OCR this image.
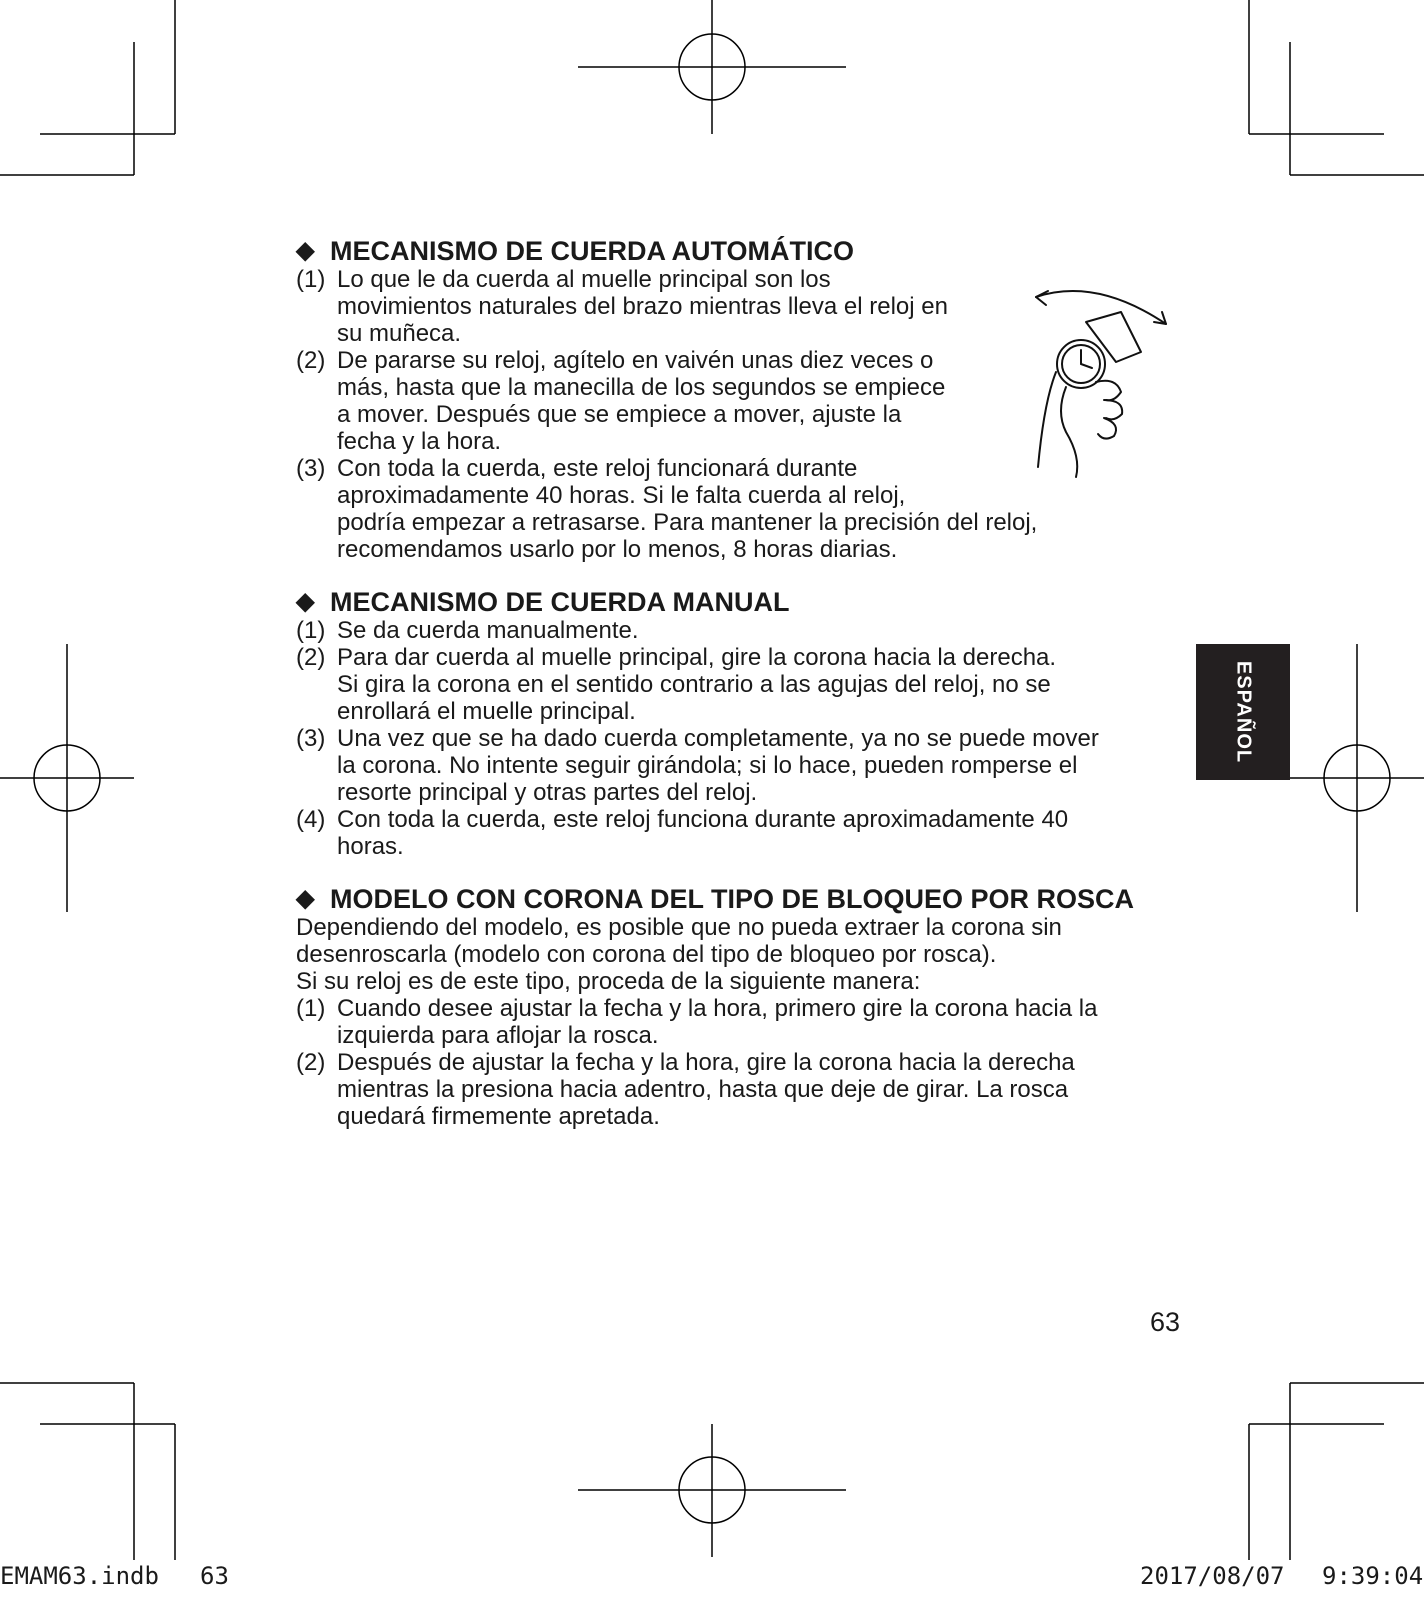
◆ MECANISMO DE CUERDA AUTOMÁTICO
(1) Lo que le da cuerda al muelle principal son los
movimientos naturales del brazo mientras lleva el reloj en
su muñeca.
(2) De pararse su reloj, agítelo en vaivén unas diez veces o
más, hasta que la manecilla de los segundos se empiece
a mover. Después que se empiece a mover, ajuste la
fecha y la hora.
(3) Con toda la cuerda, este reloj funcionará durante
aproximadamente 40 horas. Si le falta cuerda al reloj,
podría empezar a retrasarse. Para mantener la precisión del reloj,
recomendamos usarlo por lo menos, 8 horas diarias.
◆ MECANISMO DE CUERDA MANUAL
(1) Se da cuerda manualmente.
(2) Para dar cuerda al muelle principal, gire la corona hacia la derecha.
Si gira la corona en el sentido contrario a las agujas del reloj, no se
enrollará el muelle principal.
(3) Una vez que se ha dado cuerda completamente, ya no se puede mover
la corona. No intente seguir girándola; si lo hace, pueden romperse el
resorte principal y otras partes del reloj.
(4) Con toda la cuerda, este reloj funciona durante aproximadamente 40
horas.
◆ MODELO CON CORONA DEL TIPO DE BLOQUEO POR ROSCA
Dependiendo del modelo, es posible que no pueda extraer la corona sin
desenroscarla (modelo con corona del tipo de bloqueo por rosca).
Si su reloj es de este tipo, proceda de la siguiente manera:
(1) Cuando desee ajustar la fecha y la hora, primero gire la corona hacia la
izquierda para aflojar la rosca.
(2) Después de ajustar la fecha y la hora, gire la corona hacia la derecha
mientras la presiona hacia adentro, hasta que deje de girar. La rosca
quedará firmemente apretada.
ESPAÑOL
63
EMAM63.indb 63	2017/08/07 9:39:04
